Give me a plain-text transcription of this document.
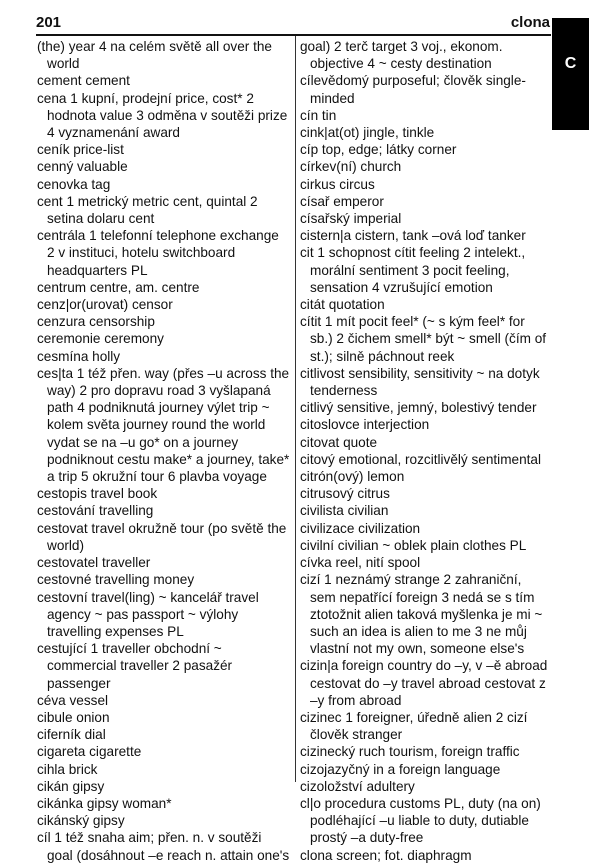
201	clona
C
(the) year 4 na celém světě all over the world
cement cement
cena 1 kupní, prodejní price, cost* 2 hodnota value 3 odměna v soutěži prize 4 vyznamenání award
ceník price-list
cenný valuable
cenovka tag
cent 1 metrický metric cent, quintal 2 setina dolaru cent
centrála 1 telefonní telephone exchange 2 v instituci, hotelu switchboard headquarters PL
centrum centre, am. centre
cenz|or(urovat) censor
cenzura censorship
ceremonie ceremony
cesmína holly
ces|ta 1 též přen. way (přes –u across the way) 2 pro dopravu road 3 vyšlapaná path 4 podniknutá journey výlet trip ~ kolem světa journey round the world vydat se na –u go* on a journey podniknout cestu make* a journey, take* a trip 5 okružní tour 6 plavba voyage
cestopis travel book
cestování travelling
cestovat travel okružně tour (po světě the world)
cestovatel traveller
cestovné travelling money
cestovní travel(ling) ~ kancelář travel agency ~ pas passport ~ výlohy travelling expenses PL
cestující 1 traveller obchodní ~ commercial traveller 2 pasažér passenger
céva vessel
cibule onion
ciferník dial
cigareta cigarette
cihla brick
cikán gipsy
cikánka gipsy woman*
cikánský gipsy
cíl 1 též snaha aim; přen. n. v soutěži goal (dosáhnout –e reach n. attain one's
goal) 2 terč target 3 voj., ekonom. objective 4 ~ cesty destination
cílevědomý purposeful; člověk single-minded
cín tin
cink|at(ot) jingle, tinkle
cíp top, edge; látky corner
církev(ní) church
cirkus circus
císař emperor
císařský imperial
cistern|a cistern, tank –ová loď tanker
cit 1 schopnost cítit feeling 2 intelekt., morální sentiment 3 pocit feeling, sensation 4 vzrušující emotion
citát quotation
cítit 1 mít pocit feel* (~ s kým feel* for sb.) 2 čichem smell* být ~ smell (čím of st.); silně páchnout reek
citlivost sensibility, sensitivity ~ na dotyk tenderness
citlivý sensitive, jemný, bolestivý tender
citoslovce interjection
citovat quote
citový emotional, rozcitlivělý sentimental
citrón(ový) lemon
citrusový citrus
civilista civilian
civilizace civilization
civilní civilian ~ oblek plain clothes PL
cívka reel, nití spool
cizí 1 neznámý strange 2 zahraniční, sem nepatřící foreign 3 nedá se s tím ztotožnit alien taková myšlenka je mi ~ such an idea is alien to me 3 ne můj vlastní not my own, someone else's
cizin|a foreign country do –y, v –ě abroad cestovat do –y travel abroad cestovat z –y from abroad
cizinec 1 foreigner, úředně alien 2 cizí člověk stranger
cizinecký ruch tourism, foreign traffic
cizojazyčný in a foreign language
cizoložství adultery
cl|o procedura customs PL, duty (na on) podléhající –u liable to duty, dutiable prostý –a duty-free
clona screen; fot. diaphragm
